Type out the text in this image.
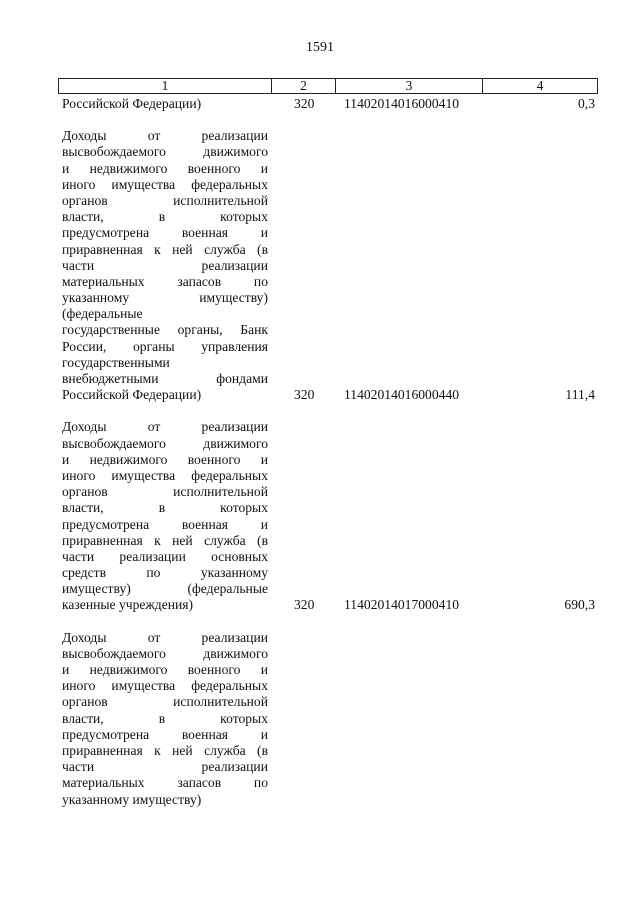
1591
1	2	3	4
Российской Федерации)	320 11402014016000410	0,3
Доходы от реализации
высвобождаемого движимого
и недвижимого военного и
иного имущества федеральных
органов исполнительной
власти, в которых
предусмотрена военная и
приравненная к ней служба (в
части реализации
материальных запасов по
указанному имуществу)
(федеральные
государственные органы, Банк
России, органы управления
государственными
внебюджетными фондами
Российской Федерации)	320 11402014016000440	111,4
Доходы от реализации
высвобождаемого движимого
и недвижимого военного и
иного имущества федеральных
органов исполнительной
власти, в которых
предусмотрена военная и
приравненная к ней служба (в
части реализации основных
средств по указанному
имуществу) (федеральные
казенные учреждения)	320 11402014017000410	690,3
Доходы от реализации
высвобождаемого движимого
и недвижимого военного и
иного имущества федеральных
органов исполнительной
власти, в которых
предусмотрена военная и
приравненная к ней служба (в
части реализации
материальных запасов по
указанному имуществу)
